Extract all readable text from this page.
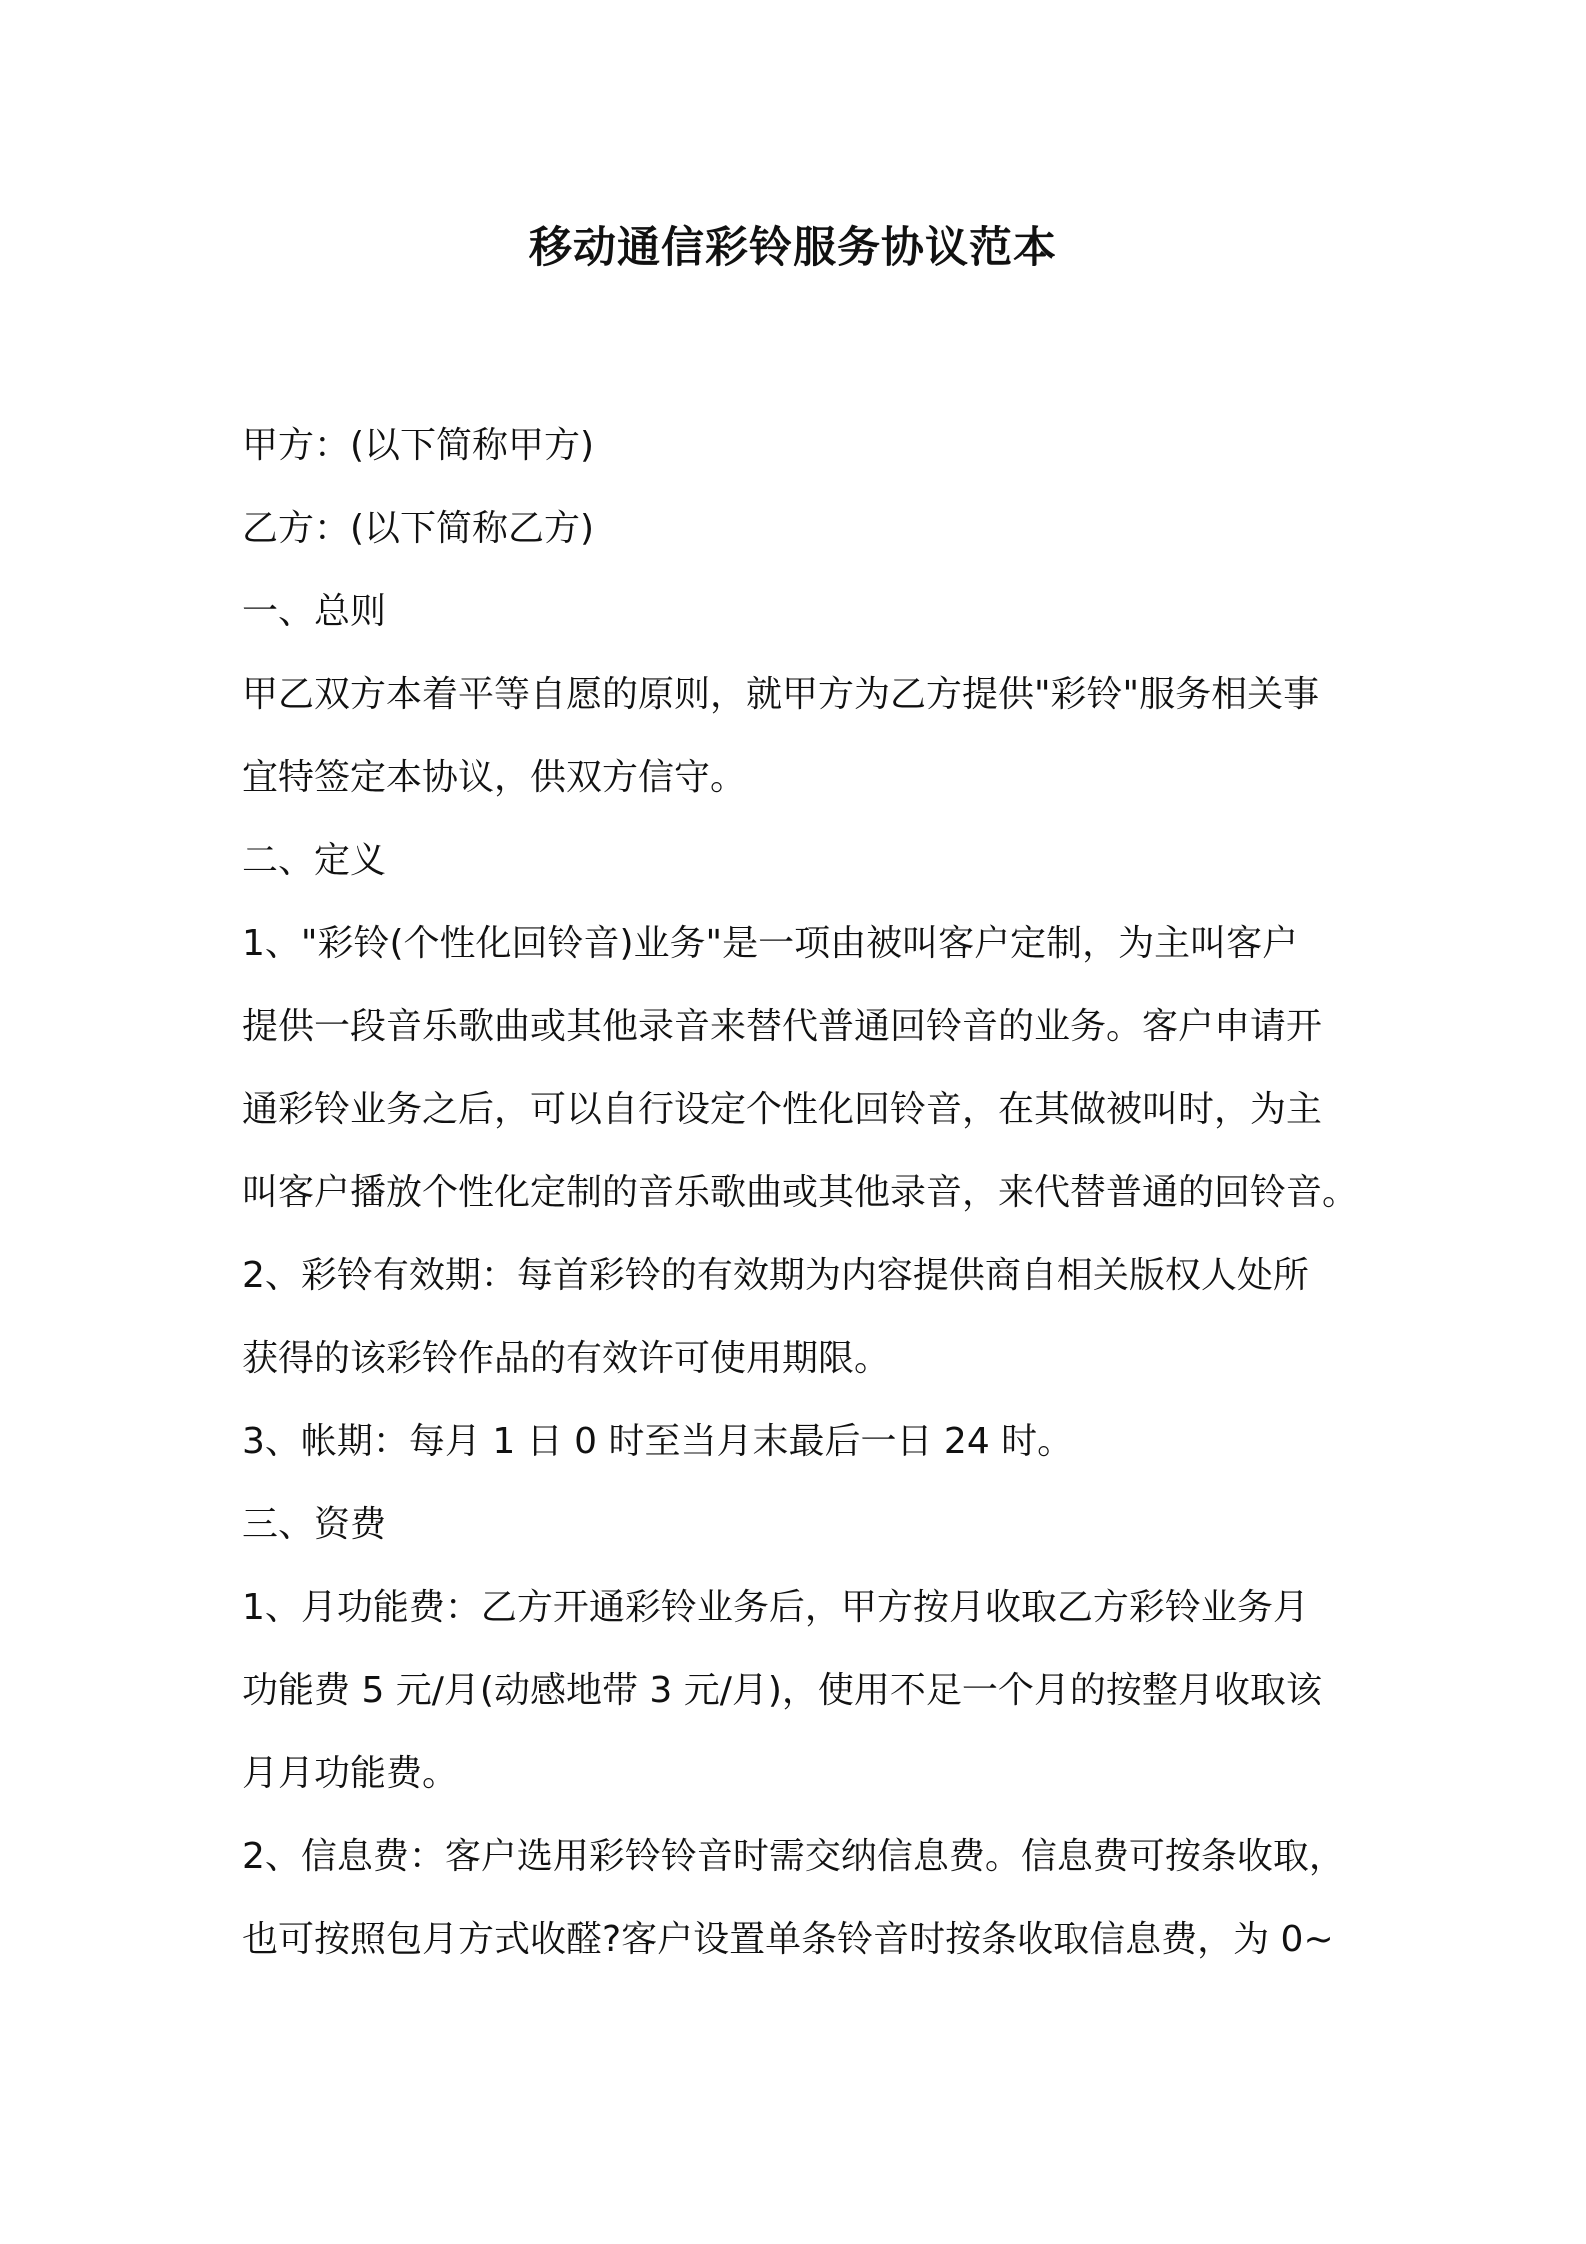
移动通信彩铃服务协议范本
甲方：(以下简称甲方)
乙方：(以下简称乙方)
一、总则
甲乙双方本着平等自愿的原则，就甲方为乙方提供"彩铃"服务相关事
宜特签定本协议，供双方信守。
二、定义
1、"彩铃(个性化回铃音)业务"是一项由被叫客户定制，为主叫客户
提供一段音乐歌曲或其他录音来替代普通回铃音的业务。客户申请开
通彩铃业务之后，可以自行设定个性化回铃音，在其做被叫时，为主
叫客户播放个性化定制的音乐歌曲或其他录音，来代替普通的回铃音。
2、彩铃有效期：每首彩铃的有效期为内容提供商自相关版权人处所
获得的该彩铃作品的有效许可使用期限。
3、帐期：每月 1 日 0 时至当月末最后一日 24 时。
三、资费
1、月功能费：乙方开通彩铃业务后，甲方按月收取乙方彩铃业务月
功能费 5 元/月(动感地带 3 元/月)，使用不足一个月的按整月收取该
月月功能费。
2、信息费：客户选用彩铃铃音时需交纳信息费。信息费可按条收取，
也可按照包月方式收醛?客户设置单条铃音时按条收取信息费，为 0~
